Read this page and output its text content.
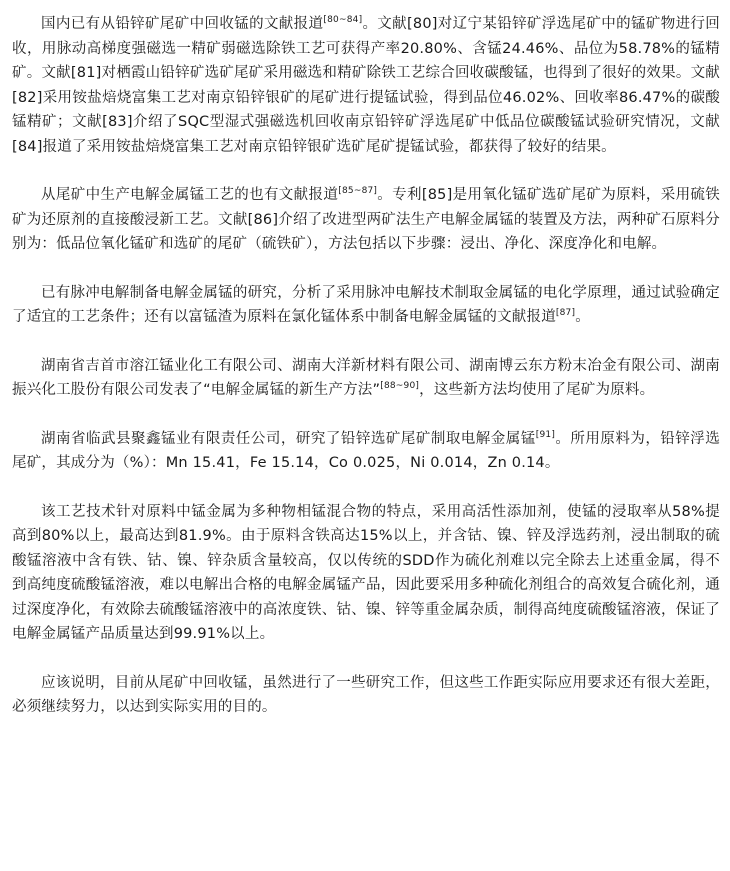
国内已有从铅锌矿尾矿中回收锰的文献报道[80~84]。文献[80]对辽宁某铅锌矿浮选尾矿中的锰矿物进行回收，用脉动高梯度强磁选一精矿弱磁选除铁工艺可获得产率20.80%、含锰24.46%、品位为58.78%的锰精矿。文献[81]对栖霞山铅锌矿选矿尾矿采用磁选和精矿除铁工艺综合回收碳酸锰，也得到了很好的效果。文献[82]采用铵盐焙烧富集工艺对南京铅锌银矿的尾矿进行提锰试验，得到品位46.02%、回收率86.47%的碳酸锰精矿；文献[83]介绍了SQC型湿式强磁选机回收南京铅锌矿浮选尾矿中低品位碳酸锰试验研究情况，文献[84]报道了采用铵盐焙烧富集工艺对南京铅锌银矿选矿尾矿提锰试验，都获得了较好的结果。

从尾矿中生产电解金属锰工艺的也有文献报道[85~87]。专利[85]是用氧化锰矿选矿尾矿为原料，采用硫铁矿为还原剂的直接酸浸新工艺。文献[86]介绍了改进型两矿法生产电解金属锰的装置及方法，两种矿石原料分别为：低品位氧化锰矿和选矿的尾矿（硫铁矿），方法包括以下步骤：浸出、净化、深度净化和电解。

已有脉冲电解制备电解金属锰的研究，分析了采用脉冲电解技术制取金属锰的电化学原理，通过试验确定了适宜的工艺条件；还有以富锰渣为原料在氯化锰体系中制备电解金属锰的文献报道[87]。

湖南省吉首市溶江锰业化工有限公司、湖南大洋新材料有限公司、湖南博云东方粉末冶金有限公司、湖南振兴化工股份有限公司发表了“电解金属锰的新生产方法”[88~90]，这些新方法均使用了尾矿为原料。

湖南省临武县聚鑫锰业有限责任公司，研究了铅锌选矿尾矿制取电解金属锰[91]。所用原料为，铅锌浮选尾矿，其成分为（%）：Mn 15.41，Fe 15.14，Co 0.025，Ni 0.014，Zn 0.14。

该工艺技术针对原料中锰金属为多种物相锰混合物的特点，采用高活性添加剂，使锰的浸取率从58%提高到80%以上，最高达到81.9%。由于原料含铁高达15%以上，并含钴、镍、锌及浮选药剂，浸出制取的硫酸锰溶液中含有铁、钴、镍、锌杂质含量较高，仅以传统的SDD作为硫化剂难以完全除去上述重金属，得不到高纯度硫酸锰溶液，难以电解出合格的电解金属锰产品，因此要采用多种硫化剂组合的高效复合硫化剂，通过深度净化，有效除去硫酸锰溶液中的高浓度铁、钴、镍、锌等重金属杂质，制得高纯度硫酸锰溶液，保证了电解金属锰产品质量达到99.91%以上。

应该说明，目前从尾矿中回收锰，虽然进行了一些研究工作，但这些工作距实际应用要求还有很大差距，必须继续努力，以达到实际实用的目的。
